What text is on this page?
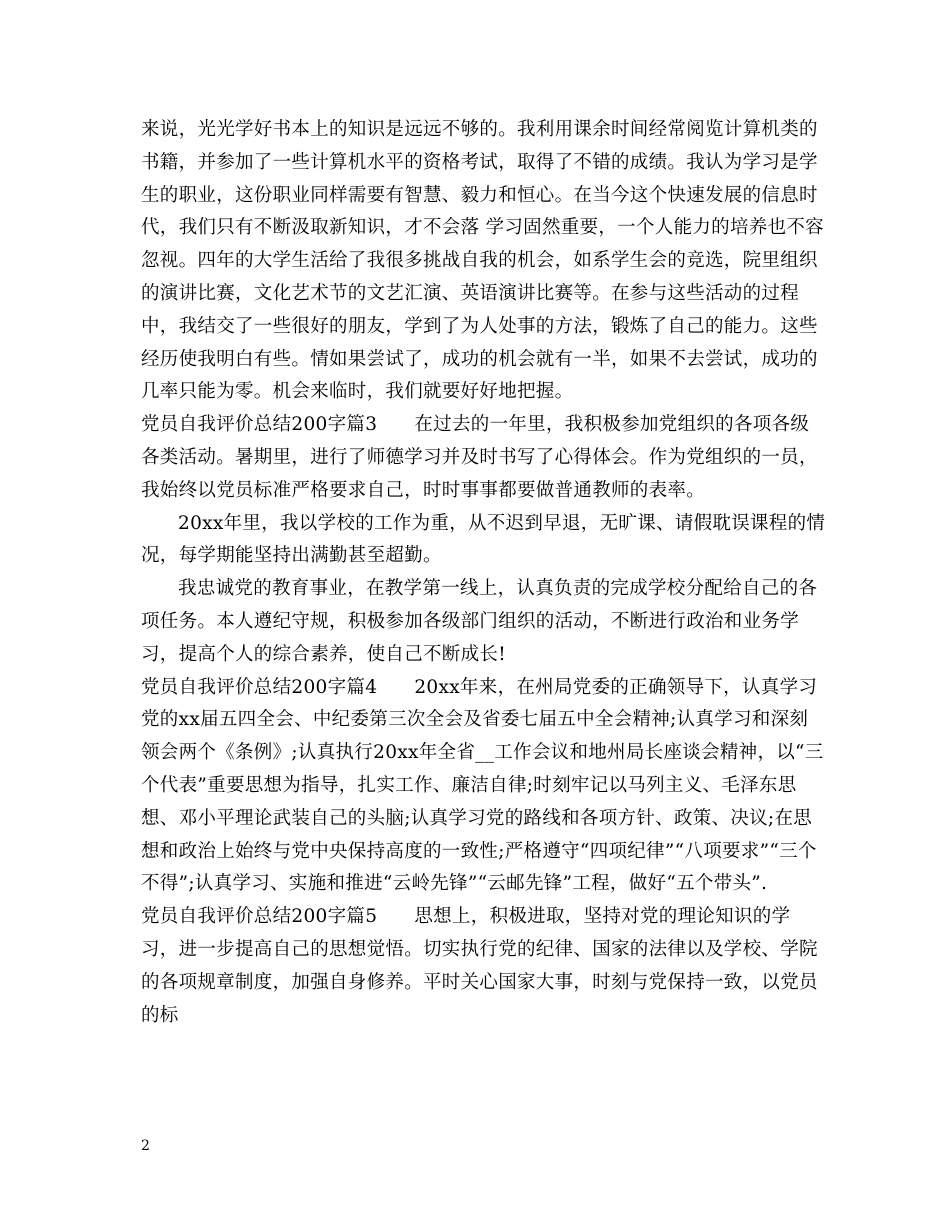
来说，光光学好书本上的知识是远远不够的。我利用课余时间经常阅览计算机类的书籍，并参加了一些计算机水平的资格考试，取得了不错的成绩。我认为学习是学生的职业，这份职业同样需要有智慧、毅力和恒心。在当今这个快速发展的信息时代，我们只有不断汲取新知识，才不会落 学习固然重要，一个人能力的培养也不容忽视。四年的大学生活给了我很多挑战自我的机会，如系学生会的竞选，院里组织的演讲比赛，文化艺术节的文艺汇演、英语演讲比赛等。在参与这些活动的过程中，我结交了一些很好的朋友，学到了为人处事的方法，锻炼了自己的能力。这些经历使我明白有些。情如果尝试了，成功的机会就有一半，如果不去尝试，成功的几率只能为零。机会来临时，我们就要好好地把握。

党员自我评价总结200字篇3      在过去的一年里，我积极参加党组织的各项各级各类活动。暑期里，进行了师德学习并及时书写了心得体会。作为党组织的一员，我始终以党员标准严格要求自己，时时事事都要做普通教师的表率。

20xx年里，我以学校的工作为重，从不迟到早退，无旷课、请假耽误课程的情况，每学期能坚持出满勤甚至超勤。

我忠诚党的教育事业，在教学第一线上，认真负责的完成学校分配给自己的各项任务。本人遵纪守规，积极参加各级部门组织的活动，不断进行政治和业务学习，提高个人的综合素养，使自己不断成长!

党员自我评价总结200字篇4      20xx年来，在州局党委的正确领导下，认真学习党的xx届五四全会、中纪委第三次全会及省委七届五中全会精神;认真学习和深刻领会两个《条例》;认真执行20xx年全省__工作会议和地州局长座谈会精神，以“三个代表”重要思想为指导，扎实工作、廉洁自律;时刻牢记以马列主义、毛泽东思想、邓小平理论武装自己的头脑;认真学习党的路线和各项方针、政策、决议;在思想和政治上始终与党中央保持高度的一致性;严格遵守“四项纪律”“八项要求”“三个不得”;认真学习、实施和推进“云岭先锋”“云邮先锋”工程，做好“五个带头”.

党员自我评价总结200字篇5      思想上，积极进取，坚持对党的理论知识的学习，进一步提高自己的思想觉悟。切实执行党的纪律、国家的法律以及学校、学院的各项规章制度，加强自身修养。平时关心国家大事，时刻与党保持一致，以党员的标

2
